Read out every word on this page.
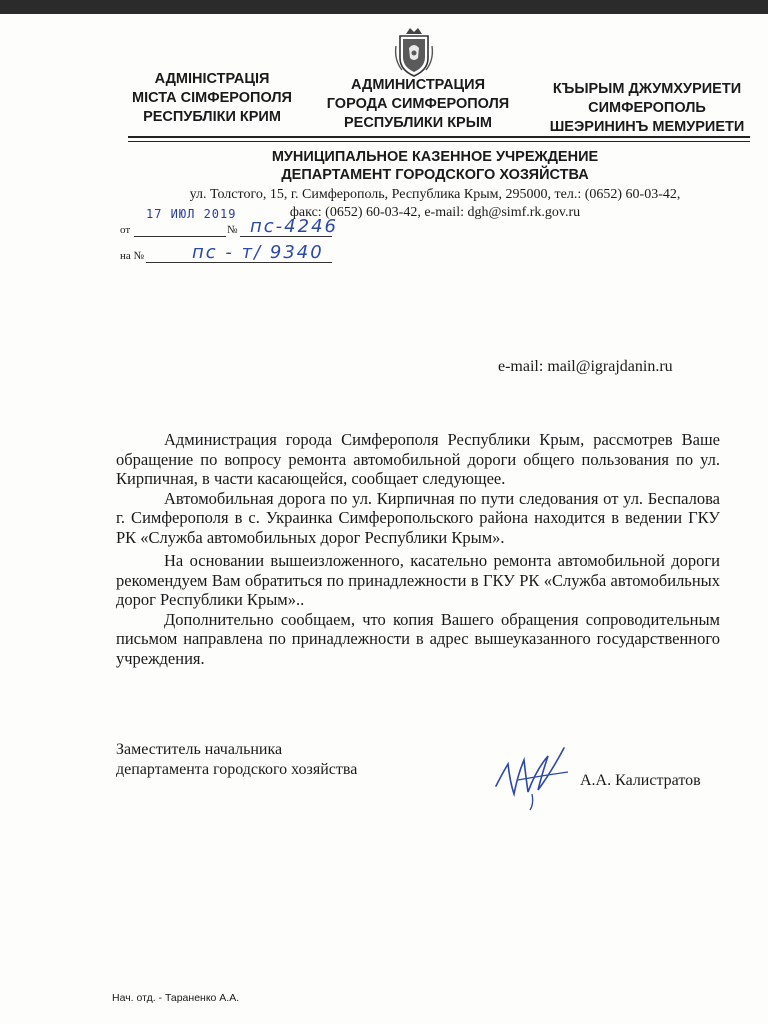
АДМІНІСТРАЦІЯ
МІСТА СІМФЕРОПОЛЯ
РЕСПУБЛІКИ КРИМ
АДМИНИСТРАЦИЯ
ГОРОДА СИМФЕРОПОЛЯ
РЕСПУБЛИКИ КРЫМ
КЪЫРЫМ ДЖУМХУРИЕТИ
СИМФЕРОПОЛЬ
ШЕЭРИНИНЪ МЕМУРИЕТИ
МУНИЦИПАЛЬНОЕ КАЗЕННОЕ УЧРЕЖДЕНИЕ
ДЕПАРТАМЕНТ ГОРОДСКОГО ХОЗЯЙСТВА
ул. Толстого, 15, г. Симферополь, Республика Крым, 295000, тел.: (0652) 60-03-42,
факс: (0652) 60-03-42, e-mail: dgh@simf.rk.gov.ru
от
17 ИЮЛ 2019
№ пс-4246
на №	пс - т/ 9340
e-mail: mail@igrajdanin.ru

Администрация города Симферополя Республики Крым, рассмотрев Ваше обращение по вопросу ремонта автомобильной дороги общего пользования по ул. Кирпичная, в части касающейся, сообщает следующее.

Автомобильная дорога по ул. Кирпичная по пути следования от ул. Беспалова г. Симферополя в с. Украинка Симферопольского района находится в ведении ГКУ РК «Служба автомобильных дорог Республики Крым».

На основании вышеизложенного, касательно ремонта автомобильной дороги рекомендуем Вам обратиться по принадлежности в ГКУ РК «Служба автомобильных дорог Республики Крым»..

Дополнительно сообщаем, что копия Вашего обращения сопроводительным письмом направлена по принадлежности в адрес вышеуказанного государственного учреждения.

Заместитель начальника
департамента городского хозяйства
А.А. Калистратов
Нач. отд. - Тараненко А.А.
